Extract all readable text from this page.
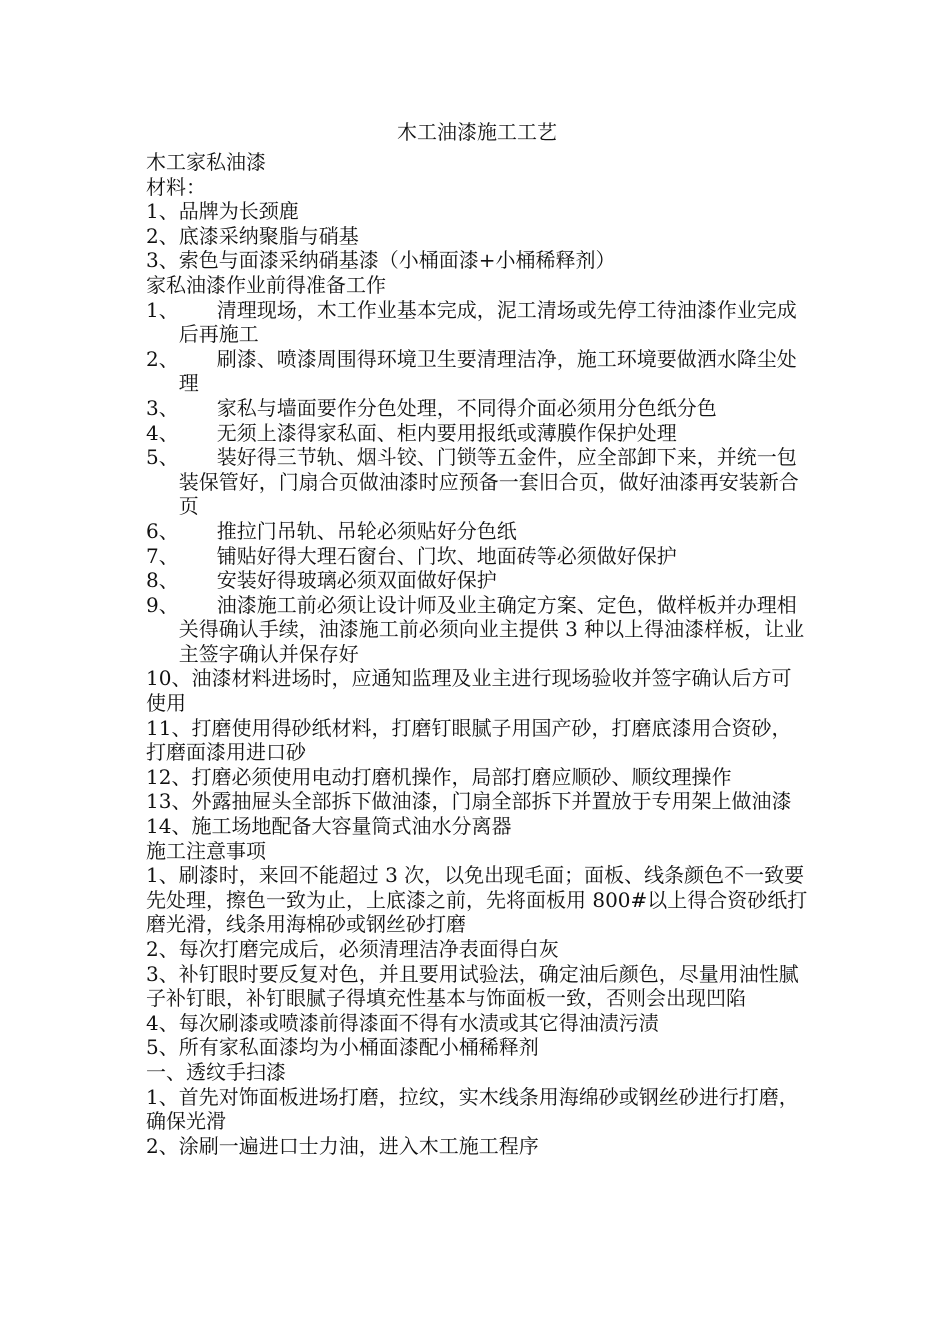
木工油漆施工工艺

木工家私油漆

材料：

1、品牌为长颈鹿

2、底漆采纳聚脂与硝基

3、索色与面漆采纳硝基漆（小桶面漆+小桶稀释剂）

家私油漆作业前得准备工作

1、	清理现场，木工作业基本完成，泥工清场或先停工待油漆作业完成后再施工
2、	刷漆、喷漆周围得环境卫生要清理洁净，施工环境要做洒水降尘处理
3、	家私与墙面要作分色处理，不同得介面必须用分色纸分色
4、	无须上漆得家私面、柜内要用报纸或薄膜作保护处理
5、	装好得三节轨、烟斗铰、门锁等五金件，应全部卸下来，并统一包装保管好，门扇合页做油漆时应预备一套旧合页，做好油漆再安装新合页
6、	推拉门吊轨、吊轮必须贴好分色纸
7、	铺贴好得大理石窗台、门坎、地面砖等必须做好保护
8、	安装好得玻璃必须双面做好保护
9、	油漆施工前必须让设计师及业主确定方案、定色，做样板并办理相关得确认手续，油漆施工前必须向业主提供 3 种以上得油漆样板，让业主签字确认并保存好

10、油漆材料进场时，应通知监理及业主进行现场验收并签字确认后方可使用

11、打磨使用得砂纸材料，打磨钉眼腻子用国产砂，打磨底漆用合资砂，打磨面漆用进口砂

12、打磨必须使用电动打磨机操作，局部打磨应顺砂、顺纹理操作

13、外露抽屉头全部拆下做油漆，门扇全部拆下并置放于专用架上做油漆

14、施工场地配备大容量筒式油水分离器

施工注意事项

1、刷漆时，来回不能超过 3 次，以免出现毛面；面板、线条颜色不一致要先处理，擦色一致为止，上底漆之前，先将面板用 800#以上得合资砂纸打磨光滑，线条用海棉砂或钢丝砂打磨

2、每次打磨完成后，必须清理洁净表面得白灰

3、补钉眼时要反复对色，并且要用试验法，确定油后颜色，尽量用油性腻子补钉眼，补钉眼腻子得填充性基本与饰面板一致，否则会出现凹陷

4、每次刷漆或喷漆前得漆面不得有水渍或其它得油渍污渍

5、所有家私面漆均为小桶面漆配小桶稀释剂

一、透纹手扫漆

1、首先对饰面板进场打磨，拉纹，实木线条用海绵砂或钢丝砂进行打磨，确保光滑

2、涂刷一遍进口士力油，进入木工施工程序
